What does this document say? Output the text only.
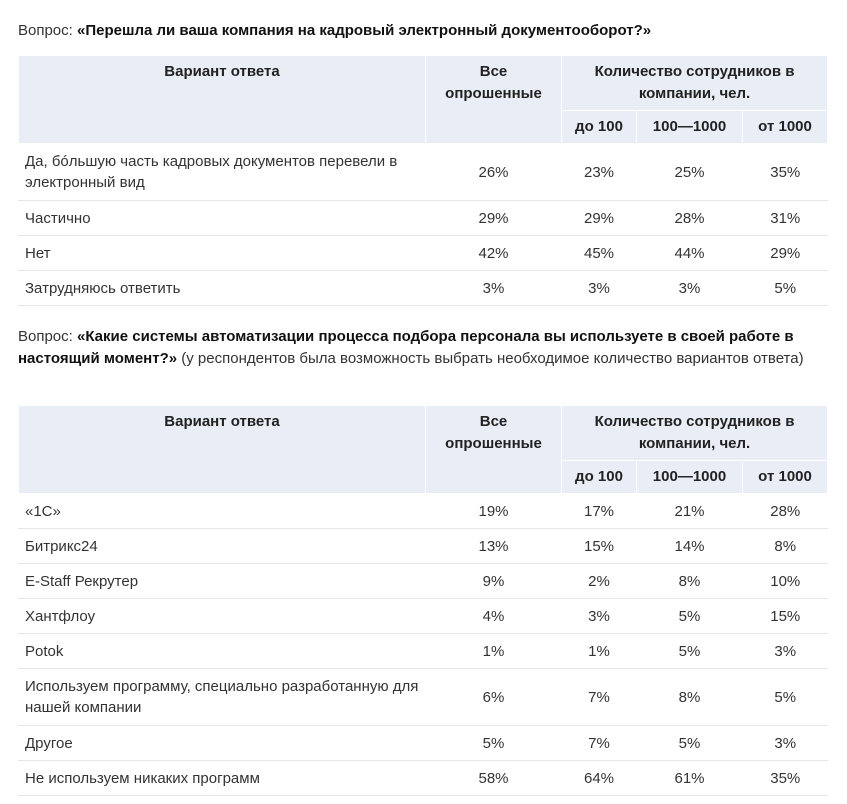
Вопрос: «Перешла ли ваша компания на кадровый электронный документооборот?»

Вариант ответа	Все опрошенные	Количество сотрудников в компании, чел.		
		до 100	100—1000	от 1000
Да, бóльшую часть кадровых документов перевели в электронный вид	26%	23%	25%	35%
Частично	29%	29%	28%	31%
Нет	42%	45%	44%	29%
Затрудняюсь ответить	3%	3%	3%	5%

Вопрос: «Какие системы автоматизации процесса подбора персонала вы используете в своей работе в настоящий момент?» (у респондентов была возможность выбрать необходимое количество вариантов ответа)

Вариант ответа	Все опрошенные	Количество сотрудников в компании, чел.		
		до 100	100—1000	от 1000
«1С»	19%	17%	21%	28%
Битрикс24	13%	15%	14%	8%
E-Staff Рекрутер	9%	2%	8%	10%
Хантфлоу	4%	3%	5%	15%
Potok	1%	1%	5%	3%
Используем программу, специально разработанную для нашей компании	6%	7%	8%	5%
Другое	5%	7%	5%	3%
Не используем никаких программ	58%	64%	61%	35%
